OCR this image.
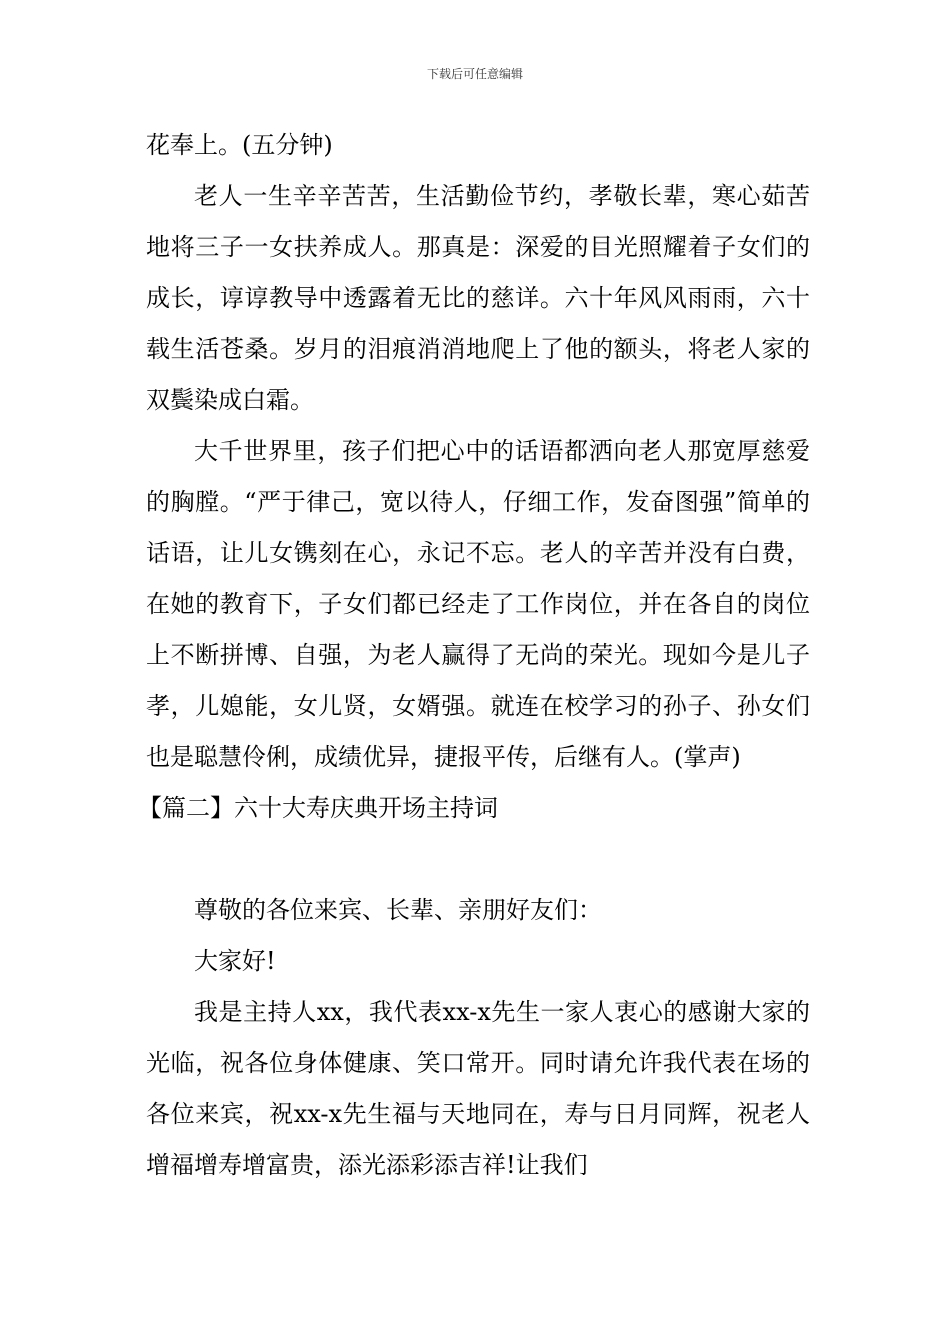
下载后可任意编辑

花奉上。(五分钟)

老人一生辛辛苦苦，生活勤俭节约，孝敬长辈，寒心茹苦地将三子一女扶养成人。那真是：深爱的目光照耀着子女们的成长，谆谆教导中透露着无比的慈详。六十年风风雨雨，六十载生活苍桑。岁月的泪痕消消地爬上了他的额头，将老人家的双鬓染成白霜。

大千世界里，孩子们把心中的话语都洒向老人那宽厚慈爱的胸膛。“严于律己，宽以待人，仔细工作，发奋图强”简单的话语，让儿女镌刻在心，永记不忘。老人的辛苦并没有白费，在她的教育下，子女们都已经走了工作岗位，并在各自的岗位上不断拼博、自强，为老人赢得了无尚的荣光。现如今是儿子孝，儿媳能，女儿贤，女婿强。就连在校学习的孙子、孙女们也是聪慧伶俐，成绩优异，捷报平传，后继有人。(掌声)

【篇二】六十大寿庆典开场主持词

尊敬的各位来宾、长辈、亲朋好友们：

大家好!

我是主持人xx，我代表xx-x先生一家人衷心的感谢大家的光临，祝各位身体健康、笑口常开。同时请允许我代表在场的各位来宾，祝xx-x先生福与天地同在，寿与日月同辉，祝老人增福增寿增富贵，添光添彩添吉祥!让我们
